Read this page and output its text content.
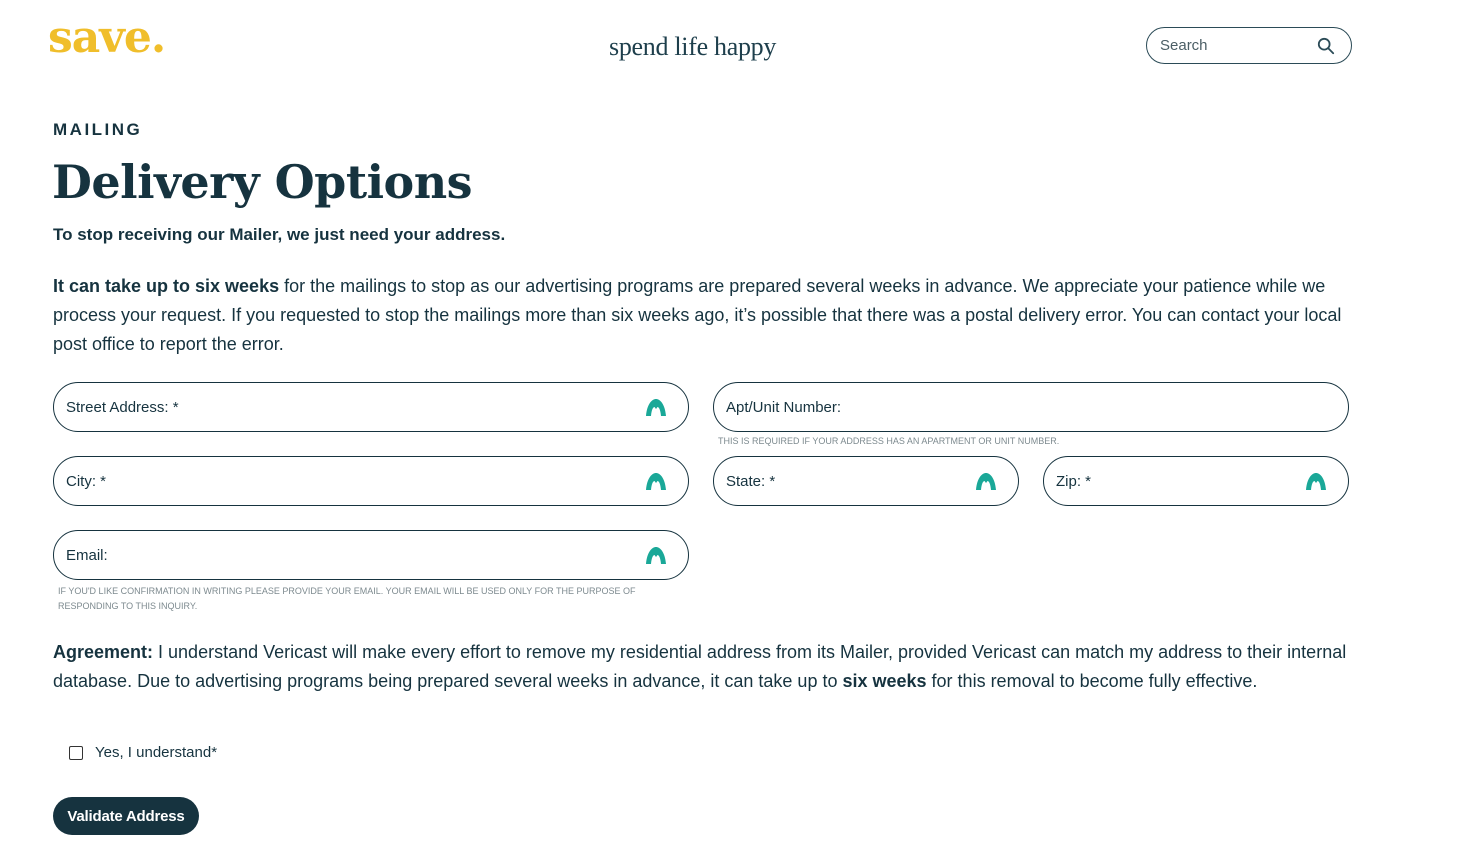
save.	spend life happy
Search
MAILING
Delivery Options
To stop receiving our Mailer, we just need your address.
It can take up to six weeks for the mailings to stop as our advertising programs are prepared several weeks in advance. We appreciate your patience while we process your request. If you requested to stop the mailings more than six weeks ago, it’s possible that there was a postal delivery error. You can contact your local post office to report the error.
Street Address: *	Apt/Unit Number:
THIS IS REQUIRED IF YOUR ADDRESS HAS AN APARTMENT OR UNIT NUMBER.
City: *	State: *	Zip: *
Email:
IF YOU'D LIKE CONFIRMATION IN WRITING PLEASE PROVIDE YOUR EMAIL. YOUR EMAIL WILL BE USED ONLY FOR THE PURPOSE OF
RESPONDING TO THIS INQUIRY.
Agreement: I understand Vericast will make every effort to remove my residential address from its Mailer, provided Vericast can match my address to their internal database. Due to advertising programs being prepared several weeks in advance, it can take up to six weeks for this removal to become fully effective.
Yes, I understand*
Validate Address
